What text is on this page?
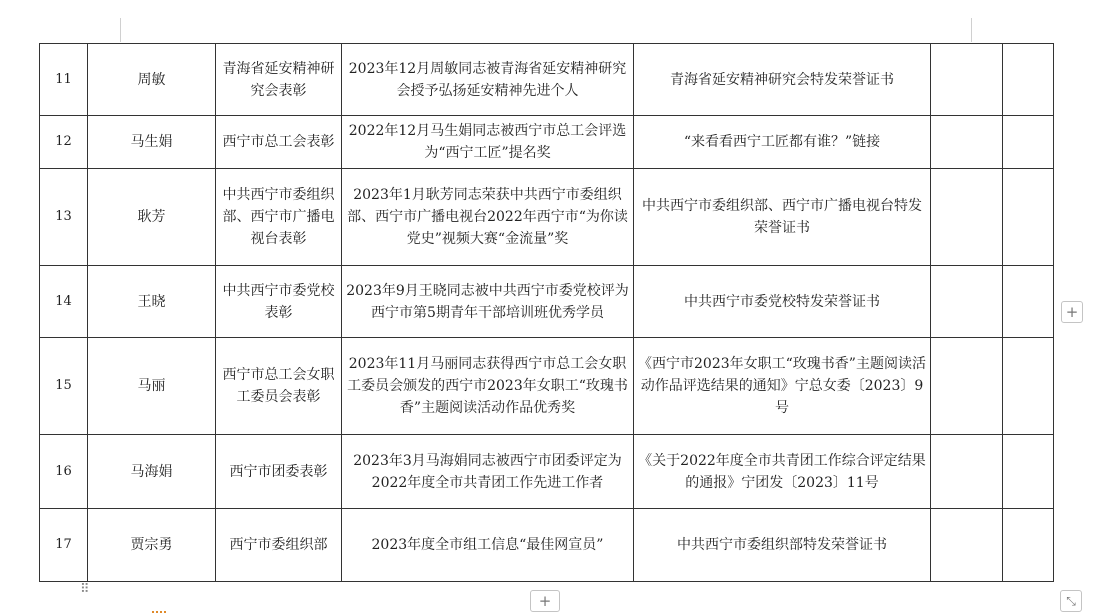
11	周敏	青海省延安精神研究会表彰	2023年12月周敏同志被青海省延安精神研究会授予弘扬延安精神先进个人	青海省延安精神研究会特发荣誉证书		
12	马生娟	西宁市总工会表彰	2022年12月马生娟同志被西宁市总工会评选为“西宁工匠”提名奖	“来看看西宁工匠都有谁？”链接		
13	耿芳	中共西宁市委组织部、西宁市广播电视台表彰	2023年1月耿芳同志荣获中共西宁市委组织部、西宁市广播电视台2022年西宁市“为你读党史”视频大赛“金流量”奖	中共西宁市委组织部、西宁市广播电视台特发荣誉证书		
14	王晓	中共西宁市委党校表彰	2023年9月王晓同志被中共西宁市委党校评为西宁市第5期青年干部培训班优秀学员	中共西宁市委党校特发荣誉证书		
15	马丽	西宁市总工会女职工委员会表彰	2023年11月马丽同志获得西宁市总工会女职工委员会颁发的西宁市2023年女职工“玫瑰书香”主题阅读活动作品优秀奖	《西宁市2023年女职工“玫瑰书香”主题阅读活动作品评选结果的通知》宁总女委〔2023〕9号		
16	马海娟	西宁市团委表彰	2023年3月马海娟同志被西宁市团委评定为2022年度全市共青团工作先进工作者	《关于2022年度全市共青团工作综合评定结果的通报》宁团发〔2023〕11号		
17	贾宗勇	西宁市委组织部	2023年度全市组工信息“最佳网宣员”	中共西宁市委组织部特发荣誉证书		
+
+
⠿
⤡
